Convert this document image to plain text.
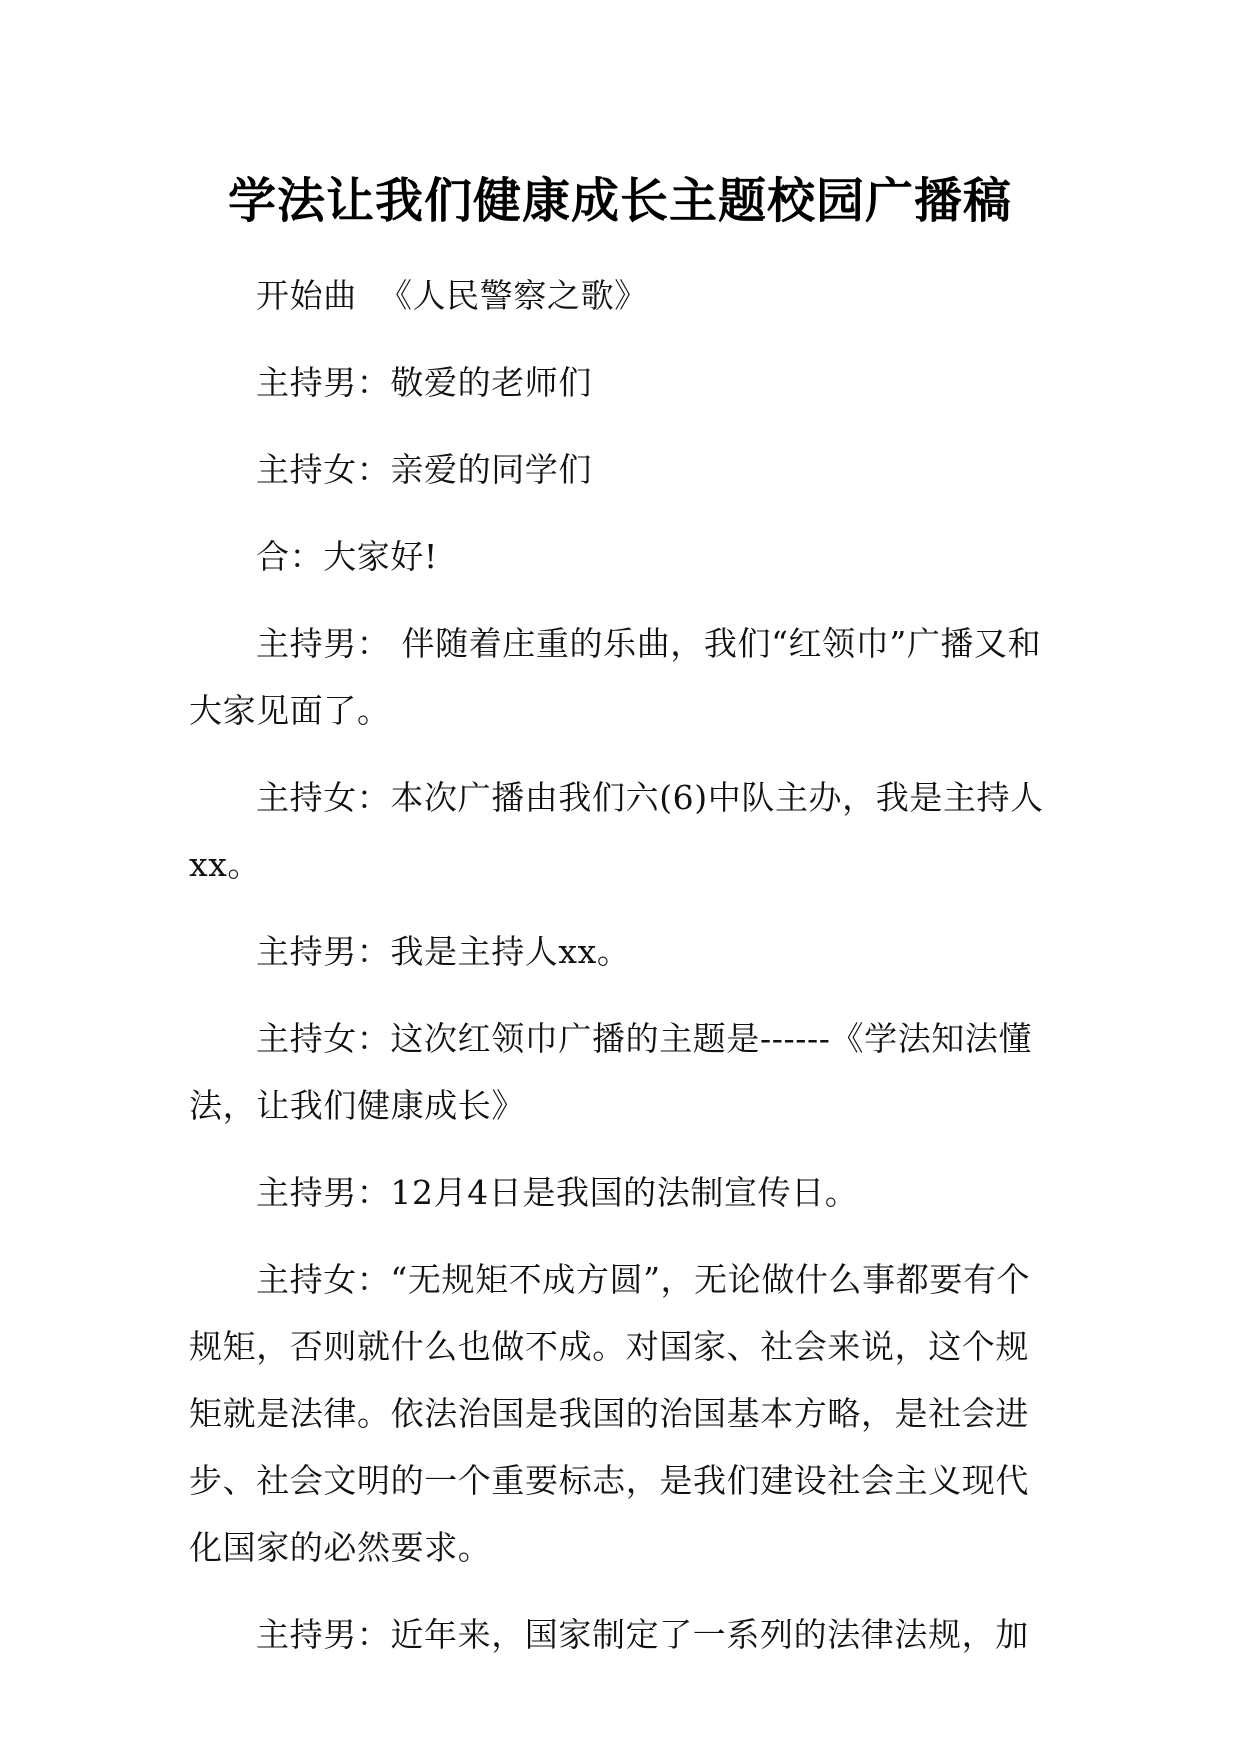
学法让我们健康成长主题校园广播稿

开始曲  《人民警察之歌》

主持男：敬爱的老师们

主持女：亲爱的同学们

合：大家好!

主持男： 伴随着庄重的乐曲，我们“红领巾”广播又和大家见面了。

主持女：本次广播由我们六(6)中队主办，我是主持人xx。

主持男：我是主持人xx。

主持女：这次红领巾广播的主题是------《学法知法懂法，让我们健康成长》

主持男：12月4日是我国的法制宣传日。

主持女：“无规矩不成方圆”，无论做什么事都要有个规矩，否则就什么也做不成。对国家、社会来说，这个规矩就是法律。依法治国是我国的治国基本方略，是社会进步、社会文明的一个重要标志，是我们建设社会主义现代化国家的必然要求。

主持男：近年来，国家制定了一系列的法律法规，加
